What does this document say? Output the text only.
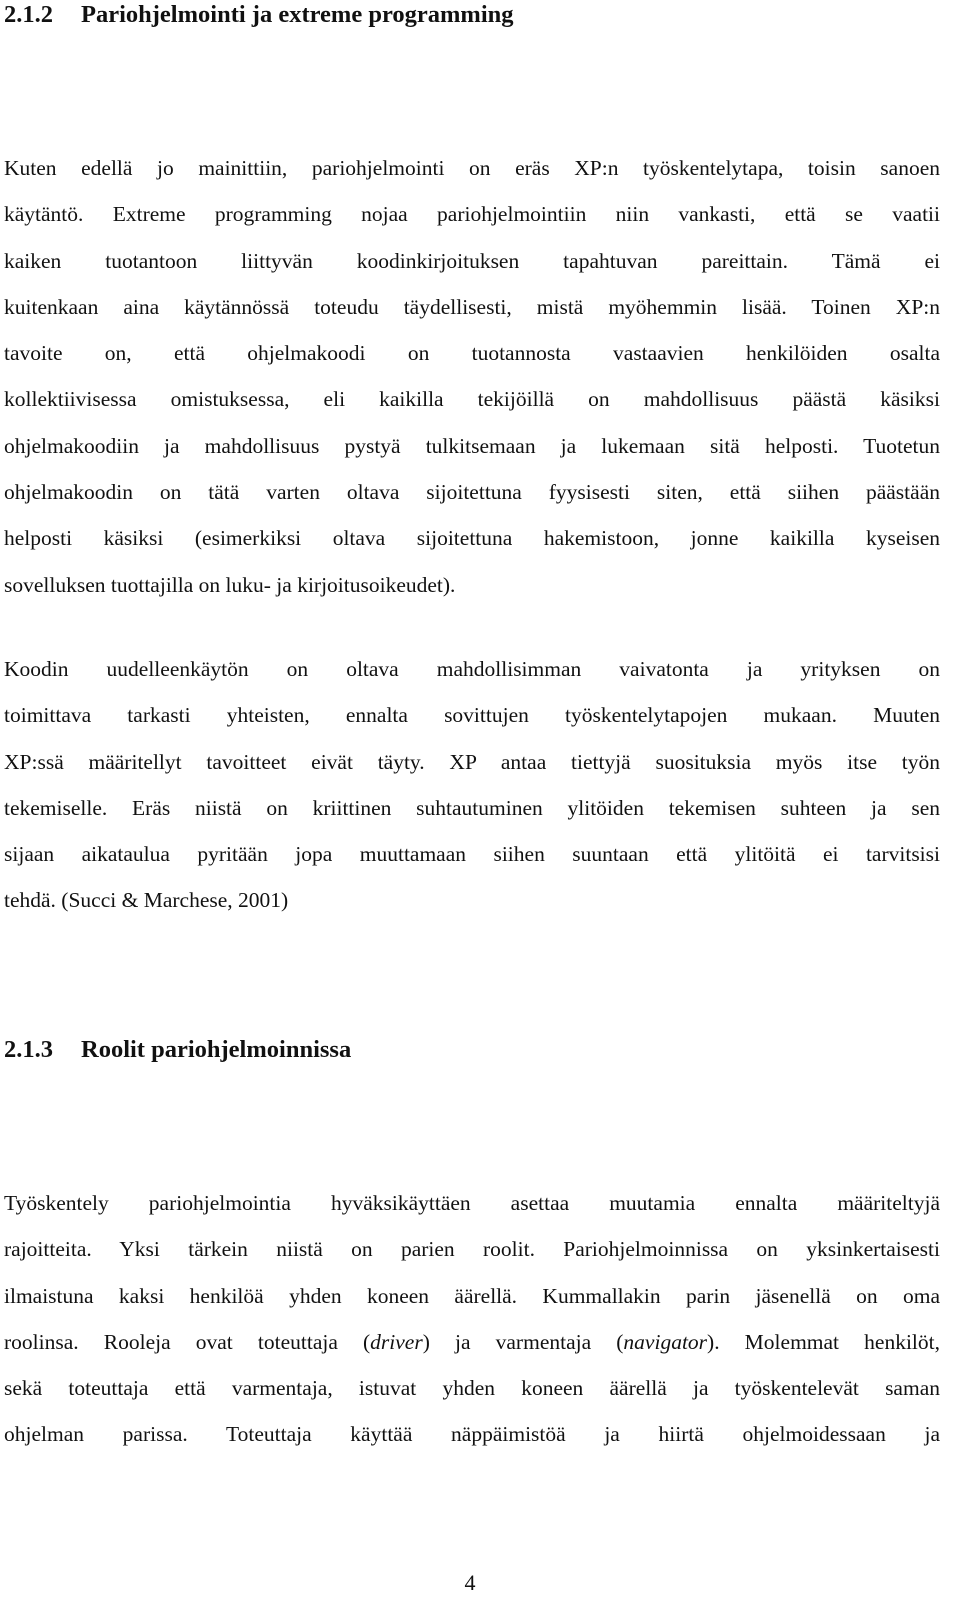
2.1.2 Pariohjelmointi ja extreme programming
Kuten edellä jo mainittiin, pariohjelmointi on eräs XP:n työskentelytapa, toisin sanoen
käytäntö. Extreme programming nojaa pariohjelmointiin niin vankasti, että se vaatii
kaiken tuotantoon liittyvän koodinkirjoituksen tapahtuvan pareittain. Tämä ei
kuitenkaan aina käytännössä toteudu täydellisesti, mistä myöhemmin lisää. Toinen XP:n
tavoite on, että ohjelmakoodi on tuotannosta vastaavien henkilöiden osalta
kollektiivisessa omistuksessa, eli kaikilla tekijöillä on mahdollisuus päästä käsiksi
ohjelmakoodiin ja mahdollisuus pystyä tulkitsemaan ja lukemaan sitä helposti. Tuotetun
ohjelmakoodin on tätä varten oltava sijoitettuna fyysisesti siten, että siihen päästään
helposti käsiksi (esimerkiksi oltava sijoitettuna hakemistoon, jonne kaikilla kyseisen
sovelluksen tuottajilla on luku- ja kirjoitusoikeudet).
Koodin uudelleenkäytön on oltava mahdollisimman vaivatonta ja yrityksen on
toimittava tarkasti yhteisten, ennalta sovittujen työskentelytapojen mukaan. Muuten
XP:ssä määritellyt tavoitteet eivät täyty. XP antaa tiettyjä suosituksia myös itse työn
tekemiselle. Eräs niistä on kriittinen suhtautuminen ylitöiden tekemisen suhteen ja sen
sijaan aikataulua pyritään jopa muuttamaan siihen suuntaan että ylitöitä ei tarvitsisi
tehdä. (Succi & Marchese, 2001)
2.1.3 Roolit pariohjelmoinnissa
Työskentely pariohjelmointia hyväksikäyttäen asettaa muutamia ennalta määriteltyjä
rajoitteita. Yksi tärkein niistä on parien roolit. Pariohjelmoinnissa on yksinkertaisesti
ilmaistuna kaksi henkilöä yhden koneen äärellä. Kummallakin parin jäsenellä on oma
roolinsa. Rooleja ovat toteuttaja (driver) ja varmentaja (navigator). Molemmat henkilöt,
sekä toteuttaja että varmentaja, istuvat yhden koneen äärellä ja työskentelevät saman
ohjelman parissa. Toteuttaja käyttää näppäimistöä ja hiirtä ohjelmoidessaan ja
4
